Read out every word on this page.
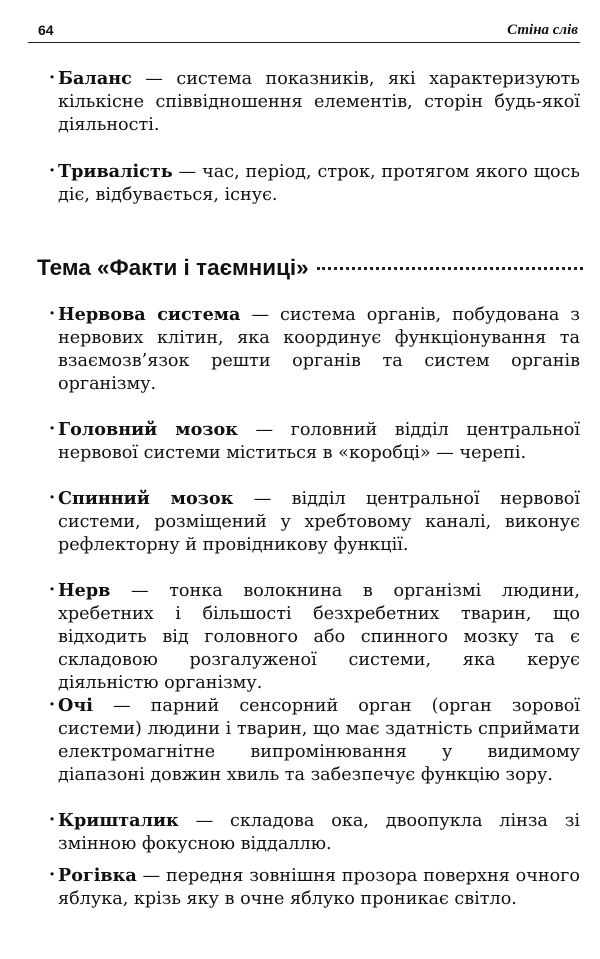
64	Стіна слів
· Баланс — система показників, які характеризують кількісне співвідношення елементів, сторін будь-якої діяльності.
· Тривалість — час, період, строк, протягом якого щось діє, відбувається, існує.
Тема «Факти і таємниці»
· Нервова система — система органів, побудована з нервових клітин, яка координує функціонування та взаємозв’язок решти органів та систем органів організму.
· Головний мозок — головний відділ центральної нервової системи міститься в «коробці» — черепі.
· Спинний мозок — відділ центральної нервової системи, розміщений у хребтовому каналі, виконує рефлекторну й провідникову функції.
· Нерв — тонка волокнина в організмі людини, хребетних і більшості безхребетних тварин, що відходить від головного або спинного мозку та є складовою розгалуженої системи, яка керує діяльністю організму.
· Очі — парний сенсорний орган (орган зорової системи) людини і тварин, що має здатність сприймати електромагнітне випромінювання у видимому діапазоні довжин хвиль та забезпечує функцію зору.
· Кришталик — складова ока, двоопукла лінза зі змінною фокусною віддаллю.
· Рогівка — передня зовнішня прозора поверхня очного яблука, крізь яку в очне яблуко проникає світло.
